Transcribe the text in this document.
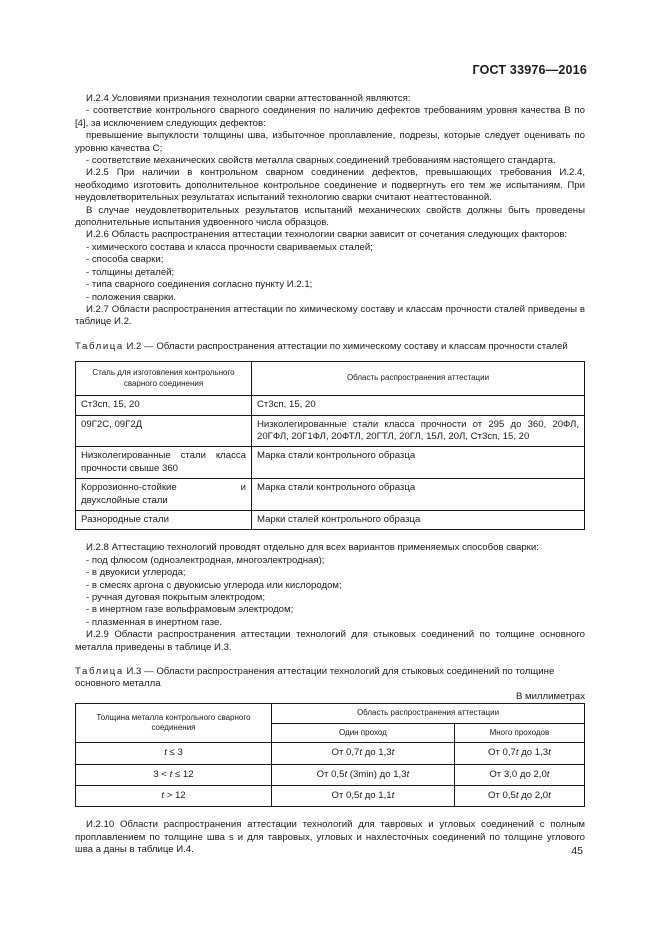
ГОСТ 33976—2016

И.2.4 Условиями признания технологии сварки аттестованной являются:

- соответствие контрольного сварного соединения по наличию дефектов требованиям уровня качества B по [4], за исключением следующих дефектов:

превышение выпуклости толщины шва, избыточное проплавление, подрезы, которые следует оценивать по уровню качества C;

- соответствие механических свойств металла сварных соединений требованиям настоящего стандарта.

И.2.5 При наличии в контрольном сварном соединении дефектов, превышающих требования И.2.4, необходимо изготовить дополнительное контрольное соединение и подвергнуть его тем же испытаниям. При неудовлетворительных результатах испытаний технологию сварки считают неаттестованной.

В случае неудовлетворительных результатов испытаний механических свойств должны быть проведены дополнительные испытания удвоенного числа образцов.

И.2.6 Область распространения аттестации технологии сварки зависит от сочетания следующих факторов:

- химического состава и класса прочности свариваемых сталей;

- способа сварки;

- толщины деталей;

- типа сварного соединения согласно пункту И.2.1;

- положения сварки.

И.2.7 Области распространения аттестации по химическому составу и классам прочности сталей приведены в таблице И.2.

Таблица И.2 — Области распространения аттестации по химическому составу и классам прочности сталей

Сталь для изготовления контрольного сварного соединения	Область распространения аттестации
Ст3сп, 15, 20	Ст3сп, 15, 20
09Г2С, 09Г2Д	Низколегированные стали класса прочности от 295 до 360, 20ФЛ, 20ГФЛ, 20Г1ФЛ, 20ФТЛ, 20ГТЛ, 20ГЛ, 15Л, 20Л, Ст3сп, 15, 20
Низколегированные стали класса прочности свыше 360	Марка стали контрольного образца
Коррозионно-стойкие и двухслойные стали	Марка стали контрольного образца
Разнородные стали	Марки сталей контрольного образца

И.2.8 Аттестацию технологий проводят отдельно для всех вариантов применяемых способов сварки:

- под флюсом (одноэлектродная, многоэлектродная);

- в двуокиси углерода;

- в смесях аргона с двуокисью углерода или кислородом;

- ручная дуговая покрытым электродом;

- в инертном газе вольфрамовым электродом;

- плазменная в инертном газе.

И.2.9 Области распространения аттестации технологий для стыковых соединений по толщине основного металла приведены в таблице И.3.

Таблица И.3 — Области распространения аттестации технологий для стыковых соединений по толщине основного металла

В миллиметрах

Толщина металла контрольного сварного соединения	Область распространения аттестации	
	Один проход	Много проходов
t ≤ 3	От 0,7t до 1,3t	От 0,7t до 1,3t
3 < t ≤ 12	От 0,5t (3min) до 1,3t	От 3,0 до 2,0t
t > 12	От 0,5t до 1,1t	От 0,5t до 2,0t

И.2.10 Области распространения аттестации технологий для тавровых и угловых соединений с полным проплавлением по толщине шва s и для тавровых, угловых и нахлесточных соединений по толщине углового шва a даны в таблице И.4.	45
